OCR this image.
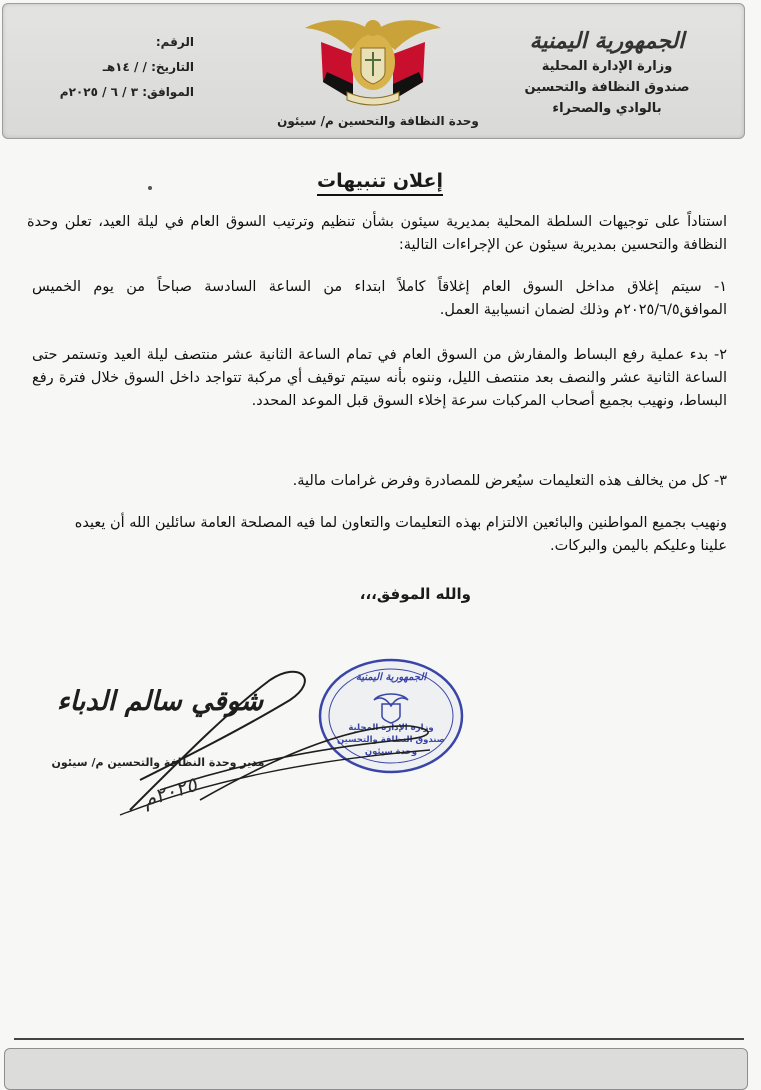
الجمهورية اليمنية
وزارة الإدارة المحلية
صندوق النظافة والتحسين
بالوادي والصحراء
الرقم:
التاريخ: / / ١٤هـ
الموافق: ٣ / ٦ / ٢٠٢٥م
وحدة النظافة والتحسين م/ سيئون
إعلان تنبيهات
استناداً على توجيهات السلطة المحلية بمديرية سيئون بشأن تنظيم وترتيب السوق العام في ليلة العيد، تعلن وحدة النظافة والتحسين بمديرية سيئون عن الإجراءات التالية:
١- سيتم إغلاق مداخل السوق العام إغلاقاً كاملاً ابتداء من الساعة السادسة صباحاً من يوم الخميس الموافق٢٠٢٥/٦/٥م وذلك لضمان انسيابية العمل.
٢- بدء عملية رفع البساط والمفارش من السوق العام في تمام الساعة الثانية عشر منتصف ليلة العيد وتستمر حتى الساعة الثانية عشر والنصف بعد منتصف الليل، وننوه بأنه سيتم توقيف أي مركبة تتواجد داخل السوق خلال فترة رفع البساط، ونهيب بجميع أصحاب المركبات سرعة إخلاء السوق قبل الموعد المحدد.
٣- كل من يخالف هذه التعليمات سيُعرض للمصادرة وفرض غرامات مالية.
ونهيب بجميع المواطنين والبائعين الالتزام بهذه التعليمات والتعاون لما فيه المصلحة العامة سائلين الله أن يعيده علينا وعليكم باليمن والبركات.
والله الموفق،،،
الجمهورية اليمنية
وزارة الإدارة المحلية
صندوق النظافة والتحسين
وحدة سيئون
شوقي سالم الدباء
مدير وحدة النظافة والتحسين م/ سيئون
٢٠٢٥م
